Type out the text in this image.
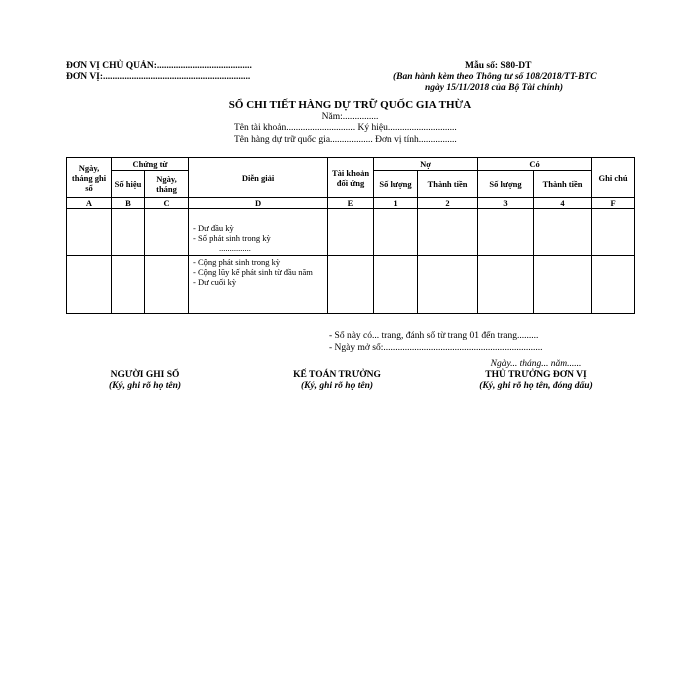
ĐƠN VỊ CHỦ QUẢN:........................................
ĐƠN VỊ:..............................................................
Mẫu số: S80-DT
(Ban hành kèm theo Thông tư số 108/2018/TT-BTC
ngày 15/11/2018 của Bộ Tài chính)
SỔ CHI TIẾT HÀNG DỰ TRỮ QUỐC GIA THỪA
Năm:...............
Tên tài khoản............................. Ký hiệu.............................
Tên hàng dự trữ quốc gia.................. Đơn vị tính................
Ngày, tháng ghi sổ	Chứng từ		Diễn giải	Tài khoản đối ứng	Nợ		Có		Ghi chú
	Số hiệu	Ngày, tháng			Số lượng	Thành tiền	Số lượng	Thành tiền	
A	B	C	D	E	1	2	3	4	F

			- Dư đầu kỳ
- Số phát sinh trong kỳ
...............						

			- Cộng phát sinh trong kỳ
- Cộng lũy kế phát sinh từ đầu năm
- Dư cuối kỳ						

- Sổ này có... trang, đánh số từ trang 01 đến trang.........
- Ngày mở sổ:...................................................................
Ngày... tháng... năm......
NGƯỜI GHI SỔ
(Ký, ghi rõ họ tên)
KẾ TOÁN TRƯỞNG
(Ký, ghi rõ họ tên)
THỦ TRƯỞNG ĐƠN VỊ
(Ký, ghi rõ họ tên, đóng dấu)
